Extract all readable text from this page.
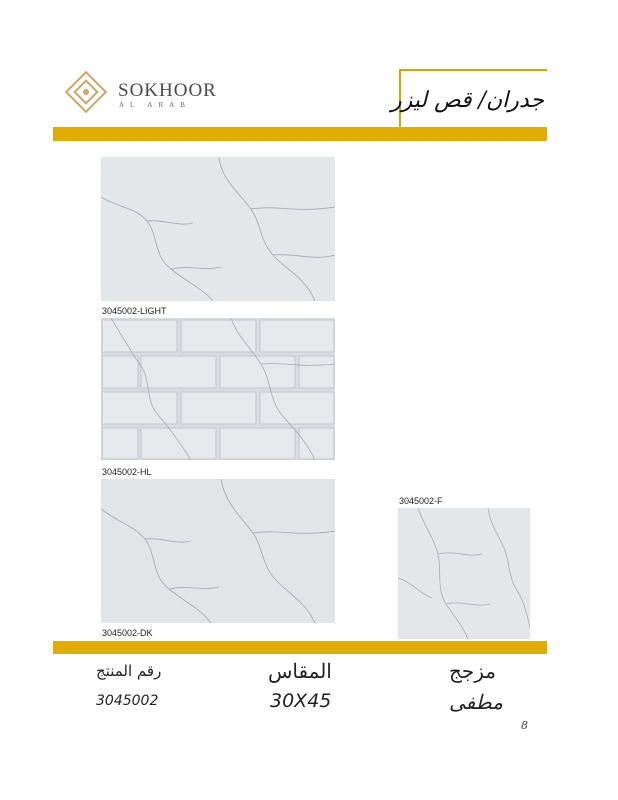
SOKHOOR
AL ARAB	جدران/ قص ليزر
3045002-LIGHT
3045002-HL
3045002-DK
3045002-F
رقم المنتج
3045002
المقاس
30X45
مزجج
مطفى
8
